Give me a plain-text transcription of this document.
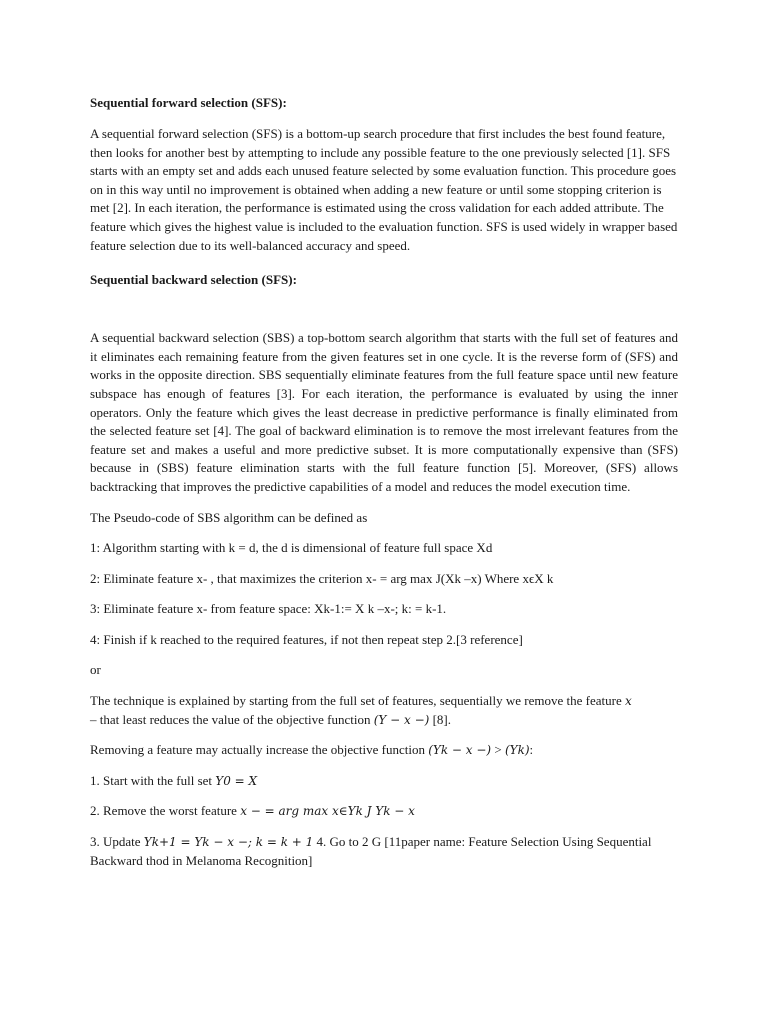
Sequential forward selection (SFS):

A sequential forward selection (SFS) is a bottom-up search procedure that first includes the best found feature, then looks for another best by attempting to include any possible feature to the one previously selected [1]. SFS starts with an empty set and adds each unused feature selected by some evaluation function. This procedure goes on in this way until no improvement is obtained when adding a new feature or until some stopping criterion is met [2]. In each iteration, the performance is estimated using the cross validation for each added attribute. The feature which gives the highest value is included to the evaluation function. SFS is used widely in wrapper based feature selection due to its well-balanced accuracy and speed.

Sequential backward selection (SFS):

A sequential backward selection (SBS) a top-bottom search algorithm that starts with the full set of features and it eliminates each remaining feature from the given features set in one cycle. It is the reverse form of (SFS) and works in the opposite direction. SBS sequentially eliminate features from the full feature space until new feature subspace has enough of features [3]. For each iteration, the performance is evaluated by using the inner operators. Only the feature which gives the least decrease in predictive performance is finally eliminated from the selected feature set [4]. The goal of backward elimination is to remove the most irrelevant features from the feature set and makes a useful and more predictive subset. It is more computationally expensive than (SFS) because in (SBS) feature elimination starts with the full feature function [5]. Moreover, (SFS) allows backtracking that improves the predictive capabilities of a model and reduces the model execution time.

The Pseudo-code of SBS algorithm can be defined as

1: Algorithm starting with k = d, the d is dimensional of feature full space Xd

2: Eliminate feature x- , that maximizes the criterion x- = arg max J(Xk –x) Where xϵX k

3: Eliminate feature x- from feature space: Xk-1:= X k –x-; k: = k-1.

4: Finish if k reached to the required features, if not then repeat step 2.[3 reference]

or

The technique is explained by starting from the full set of features, sequentially we remove the feature x
– that least reduces the value of the objective function (Y − x −) [8].

Removing a feature may actually increase the objective function (Yk − x −) > (Yk):

1. Start with the full set Y0 = X

2. Remove the worst feature x − = arg max x∈Yk J Yk − x

3. Update Yk+1 = Yk − x −; k = k + 1 4. Go to 2 G [11paper name: Feature Selection Using Sequential Backward thod in Melanoma Recognition]
